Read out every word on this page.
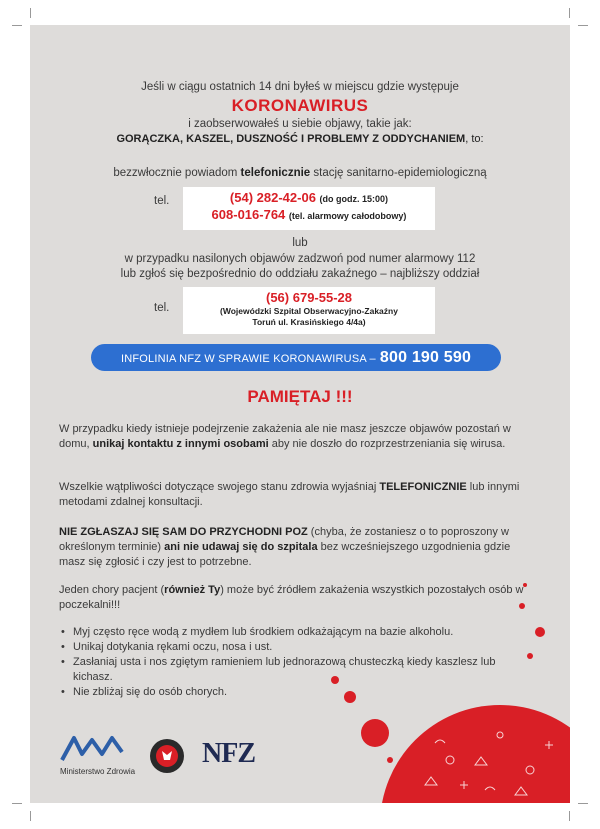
Jeśli w ciągu ostatnich 14 dni byłeś w miejscu gdzie występuje
KORONAWIRUS
i zaobserwowałeś u siebie objawy, takie jak:
GORĄCZKA, KASZEL, DUSZNOŚĆ I PROBLEMY Z ODDYCHANIEM, to:
bezzwłocznie powiadom telefonicznie stację sanitarno-epidemiologiczną
tel.	(54) 282-42-06 (do godz. 15:00)
608-016-764 (tel. alarmowy całodobowy)
lub
w przypadku nasilonych objawów zadzwoń pod numer alarmowy 112
lub zgłoś się bezpośrednio do oddziału zakaźnego – najbliższy oddział
tel.
(56) 679-55-28
(Wojewódzki Szpital Obserwacyjno-Zakaźny
Toruń ul. Krasińskiego 4/4a)
INFOLINIA NFZ W SPRAWIE KORONAWIRUSA – 800 190 590
PAMIĘTAJ !!!
W przypadku kiedy istnieje podejrzenie zakażenia ale nie masz jeszcze objawów pozostań w domu, unikaj kontaktu z innymi osobami aby nie doszło do rozprzestrzeniania się wirusa.
Wszelkie wątpliwości dotyczące swojego stanu zdrowia wyjaśniaj TELEFONICZNIE lub innymi metodami zdalnej konsultacji.
NIE ZGŁASZAJ SIĘ SAM DO PRZYCHODNI POZ (chyba, że zostaniesz o to poproszony w określonym terminie) ani nie udawaj się do szpitala bez wcześniejszego uzgodnienia gdzie masz się zgłosić i czy jest to potrzebne.
Jeden chory pacjent (również Ty) może być źródłem zakażenia wszystkich pozostałych osób w poczekalni!!!
• Myj często ręce wodą z mydłem lub środkiem odkażającym na bazie alkoholu.
• Unikaj dotykania rękami oczu, nosa i ust.
• Zasłaniaj usta i nos zgiętym ramieniem lub jednorazową chusteczką kiedy kaszlesz lub kichasz.
• Nie zbliżaj się do osób chorych.
Ministerstwo Zdrowia
NFZ
